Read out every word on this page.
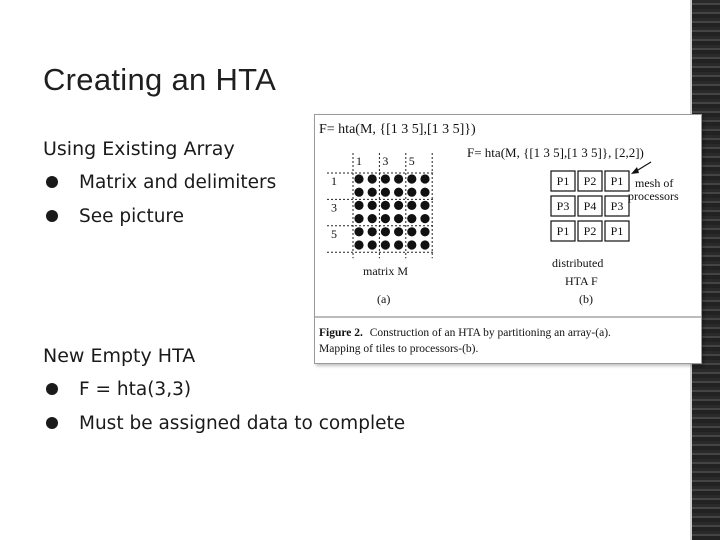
Creating an HTA
Using Existing Array
Matrix and delimiters
See picture
New Empty HTA
F = hta(3,3)
Must be assigned data to complete
F= hta(M, {[1 3 5],[1 3 5]})
F= hta(M, {[1 3 5],[1 3 5]}, [2,2])
1 3 5
1
3
5
matrix M
(a)
P1 P2 P1
P3 P4 P3
P1 P2 P1
mesh of
processors
distributed
HTA F
(b)
Figure 2. Construction of an HTA by partitioning an array-(a).
Mapping of tiles to processors-(b).
